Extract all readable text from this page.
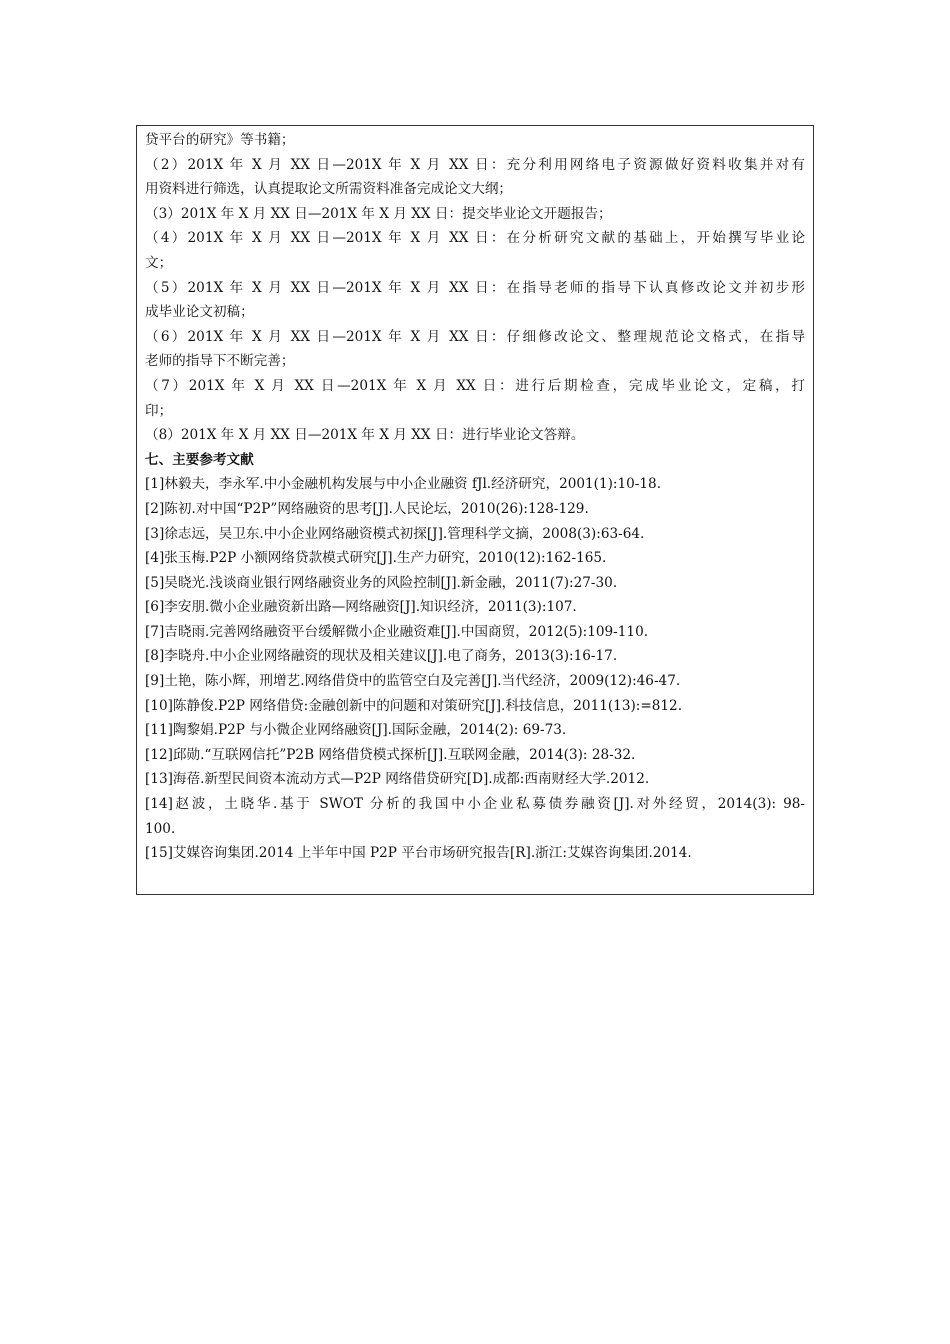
贷平台的研究》等书籍；
（2）201X 年 X 月 XX 日—201X 年 X 月 XX 日：充分利用网络电子资源做好资料收集并对有
用资料进行筛选，认真提取论文所需资料准备完成论文大纲；
（3）201X 年 X 月 XX 日—201X 年 X 月 XX 日：提交毕业论文开题报告；
（4）201X 年 X 月 XX 日—201X 年 X 月 XX 日：在分析研究文献的基础上，开始撰写毕业论
文；
（5）201X 年 X 月 XX 日—201X 年 X 月 XX 日：在指导老师的指导下认真修改论文并初步形
成毕业论文初稿；
（6）201X 年 X 月 XX 日—201X 年 X 月 XX 日：仔细修改论文、整理规范论文格式，在指导
老师的指导下不断完善；
（7）201X 年 X 月 XX 日—201X 年 X 月 XX 日：进行后期检查，完成毕业论文，定稿，打
印；
（8）201X 年 X 月 XX 日—201X 年 X 月 XX 日：进行毕业论文答辩。
七、主要参考文献
[1]林毅夫，李永军.中小金融机构发展与中小企业融资 fJl.经济研究，2001(1):10-18.
[2]陈初.对中国“P2P”网络融资的思考[J].人民论坛，2010(26):128-129.
[3]徐志远，吴卫东.中小企业网络融资模式初探[J].管理科学文摘，2008(3):63-64.
[4]张玉梅.P2P 小额网络贷款模式研究[J].生产力研究，2010(12):162-165.
[5]吴晓光.浅谈商业银行网络融资业务的风险控制[J].新金融，2011(7):27-30.
[6]李安朋.微小企业融资新出路—网络融资[J].知识经济，2011(3):107.
[7]吉晓雨.完善网络融资平台缓解微小企业融资难[J].中国商贸，2012(5):109-110.
[8]李晓舟.中小企业网络融资的现状及相关建议[J].电了商务，2013(3):16-17.
[9]土艳，陈小辉，刑增艺.网络借贷中的监管空白及完善[J].当代经济，2009(12):46-47.
[10]陈静俊.P2P 网络借贷:金融创新中的问题和对策研究[J].科技信息，2011(13):=812.
[11]陶黎娟.P2P 与小微企业网络融资[J].国际金融，2014(2): 69-73.
[12]邱勋.“互联网信托”P2B 网络借贷模式探析[J].互联网金融，2014(3): 28-32.
[13]海蓓.新型民间资本流动方式—P2P 网络借贷研究[D].成都:西南财经大学.2012.
[14]赵波，土晓华.基于 SWOT 分析的我国中小企业私募债券融资[J].对外经贸，2014(3): 98-
100.
[15]艾媒咨询集团.2014 上半年中国 P2P 平台市场研究报告[R].浙江:艾媒咨询集团.2014.
